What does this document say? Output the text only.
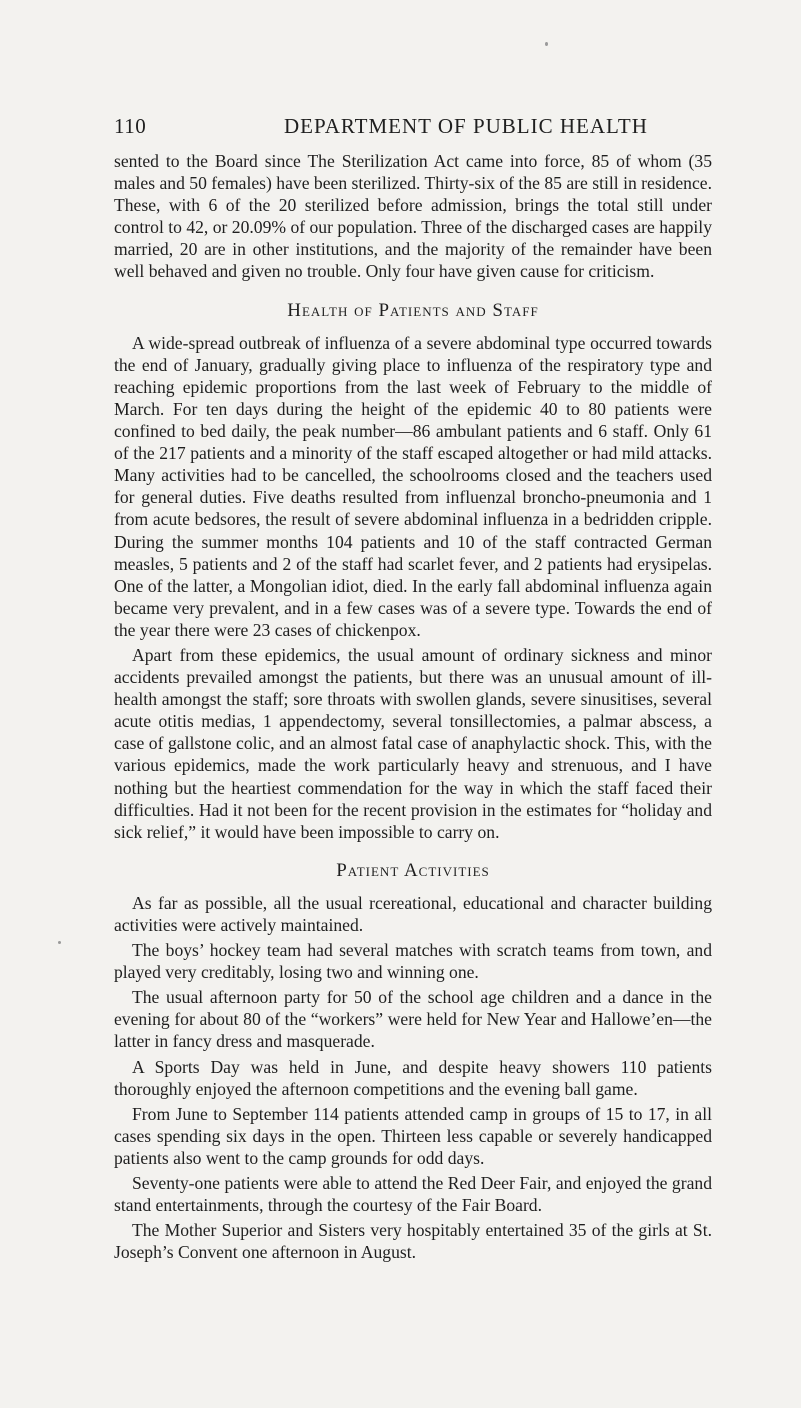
110	DEPARTMENT OF PUBLIC HEALTH

sented to the Board since The Sterilization Act came into force, 85 of whom (35 males and 50 females) have been sterilized. Thirty-six of the 85 are still in residence. These, with 6 of the 20 sterilized before admission, brings the total still under control to 42, or 20.09% of our population. Three of the discharged cases are happily married, 20 are in other institutions, and the majority of the remainder have been well behaved and given no trouble. Only four have given cause for criticism.

Health of Patients and Staff

A wide-spread outbreak of influenza of a severe abdominal type occurred towards the end of January, gradually giving place to influenza of the respiratory type and reaching epidemic proportions from the last week of February to the middle of March. For ten days during the height of the epidemic 40 to 80 patients were confined to bed daily, the peak number—86 ambulant patients and 6 staff. Only 61 of the 217 patients and a minority of the staff escaped altogether or had mild attacks. Many activities had to be cancelled, the schoolrooms closed and the teachers used for general duties. Five deaths resulted from influenzal broncho-pneumonia and 1 from acute bedsores, the result of severe abdominal influenza in a bedridden cripple. During the summer months 104 patients and 10 of the staff contracted German measles, 5 patients and 2 of the staff had scarlet fever, and 2 patients had erysipelas. One of the latter, a Mongolian idiot, died. In the early fall abdominal influenza again became very prevalent, and in a few cases was of a severe type. Towards the end of the year there were 23 cases of chickenpox.

Apart from these epidemics, the usual amount of ordinary sickness and minor accidents prevailed amongst the patients, but there was an unusual amount of ill-health amongst the staff; sore throats with swollen glands, severe sinusitises, several acute otitis medias, 1 appendectomy, several tonsillectomies, a palmar abscess, a case of gallstone colic, and an almost fatal case of anaphylactic shock. This, with the various epidemics, made the work particularly heavy and strenuous, and I have nothing but the heartiest commendation for the way in which the staff faced their difficulties. Had it not been for the recent provision in the estimates for “holiday and sick relief,” it would have been impossible to carry on.

Patient Activities

As far as possible, all the usual rcereational, educational and character building activities were actively maintained.

The boys’ hockey team had several matches with scratch teams from town, and played very creditably, losing two and winning one.

The usual afternoon party for 50 of the school age children and a dance in the evening for about 80 of the “workers” were held for New Year and Hallowe’en—the latter in fancy dress and masquerade.

A Sports Day was held in June, and despite heavy showers 110 patients thoroughly enjoyed the afternoon competitions and the evening ball game.

From June to September 114 patients attended camp in groups of 15 to 17, in all cases spending six days in the open. Thirteen less capable or severely handicapped patients also went to the camp grounds for odd days.

Seventy-one patients were able to attend the Red Deer Fair, and enjoyed the grand stand entertainments, through the courtesy of the Fair Board.

The Mother Superior and Sisters very hospitably entertained 35 of the girls at St. Joseph’s Convent one afternoon in August.
